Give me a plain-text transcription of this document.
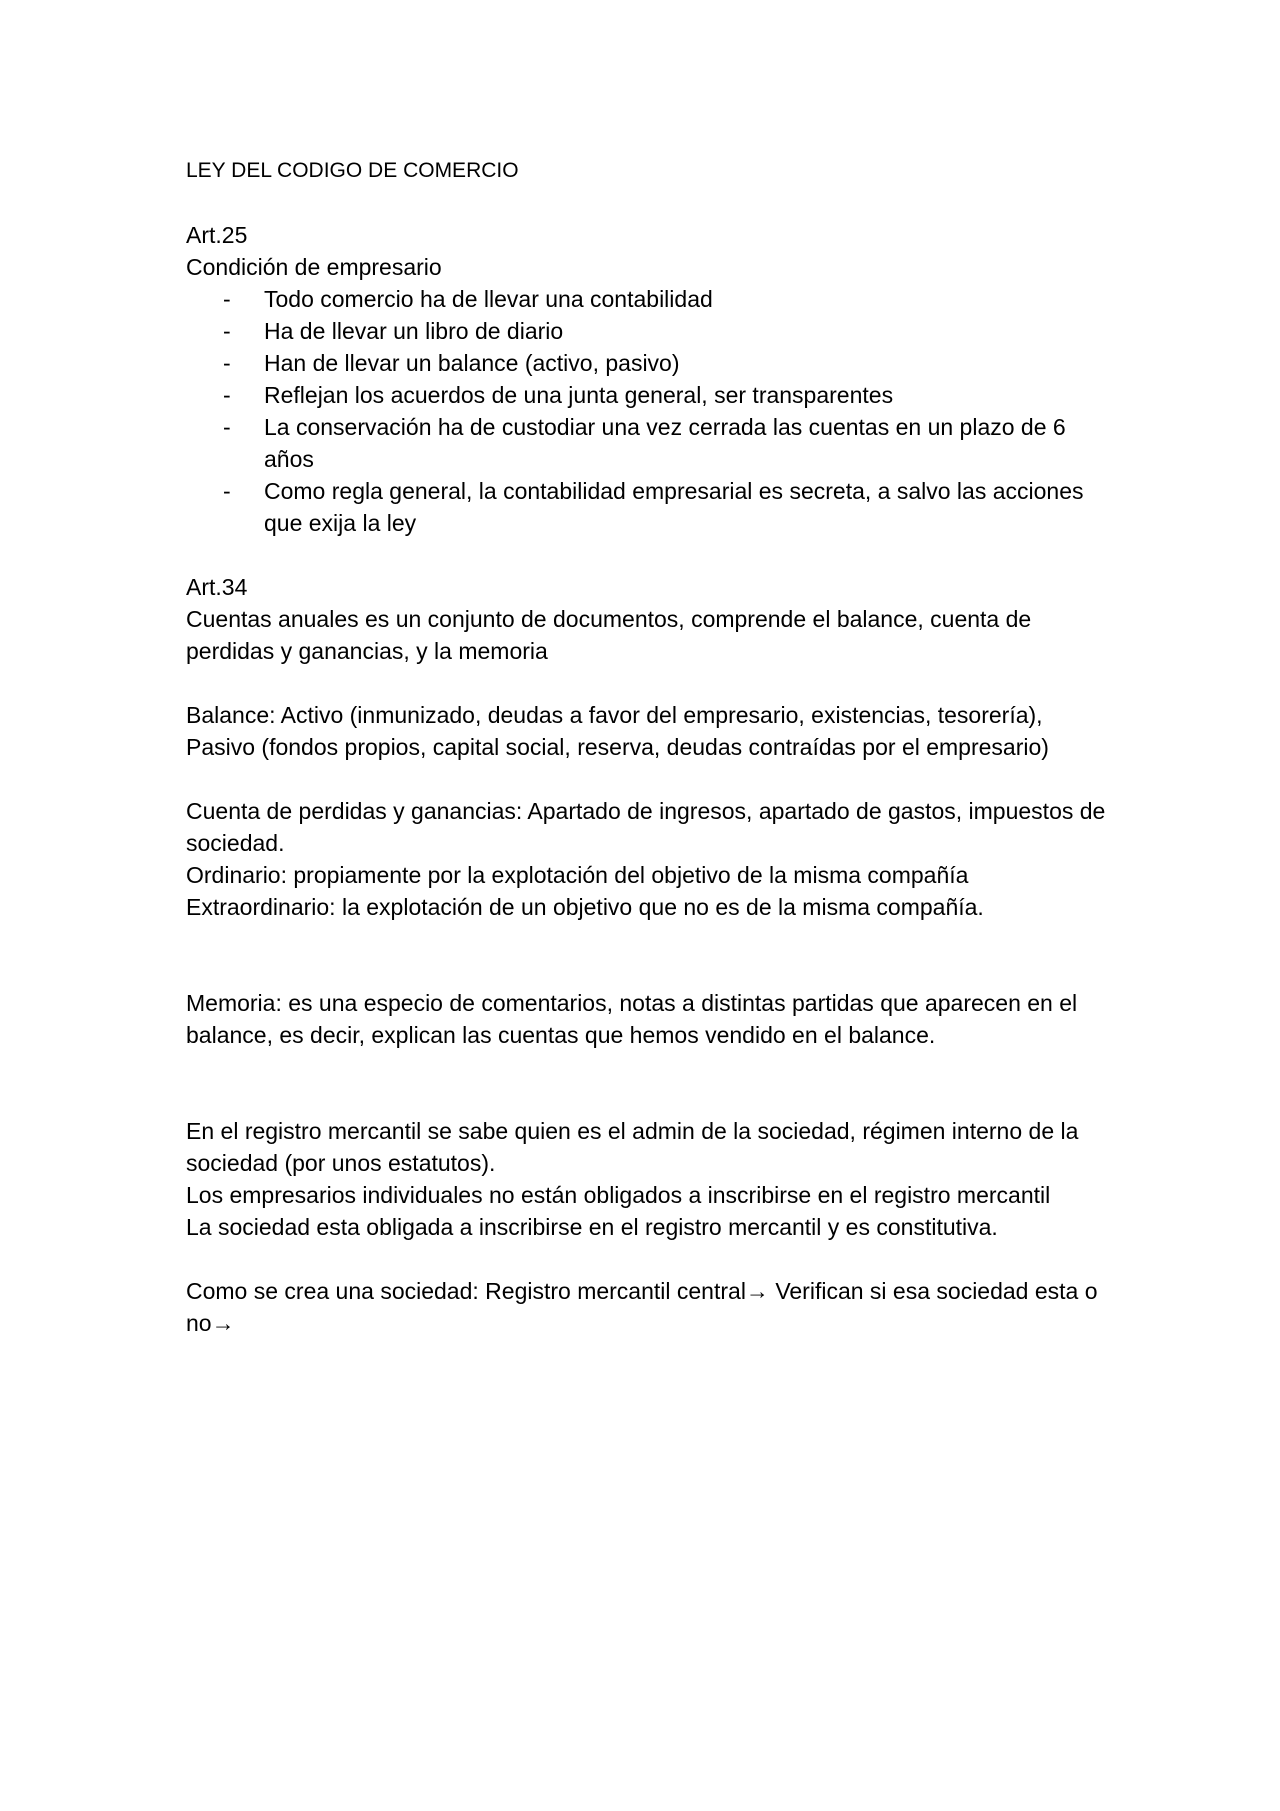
LEY DEL CODIGO DE COMERCIO

Art.25

Condición de empresario

- Todo comercio ha de llevar una contabilidad
- Ha de llevar un libro de diario
- Han de llevar un balance (activo, pasivo)
- Reflejan los acuerdos de una junta general, ser transparentes
- La conservación ha de custodiar una vez cerrada las cuentas en un plazo de 6 años
- Como regla general, la contabilidad empresarial es secreta, a salvo las acciones que exija la ley

Art.34

Cuentas anuales es un conjunto de documentos, comprende el balance, cuenta de perdidas y ganancias, y la memoria

Balance: Activo (inmunizado, deudas a favor del empresario, existencias, tesorería), Pasivo (fondos propios, capital social, reserva, deudas contraídas por el empresario)

Cuenta de perdidas y ganancias: Apartado de ingresos, apartado de gastos, impuestos de sociedad.

Ordinario: propiamente por la explotación del objetivo de la misma compañía

Extraordinario: la explotación de un objetivo que no es de la misma compañía.

Memoria: es una especio de comentarios, notas a distintas partidas que aparecen en el balance, es decir, explican las cuentas que hemos vendido en el balance.

En el registro mercantil se sabe quien es el admin de la sociedad, régimen interno de la sociedad (por unos estatutos).

Los empresarios individuales no están obligados a inscribirse en el registro mercantil

La sociedad esta obligada a inscribirse en el registro mercantil y es constitutiva.

Como se crea una sociedad: Registro mercantil central→ Verifican si esa sociedad esta o no→
